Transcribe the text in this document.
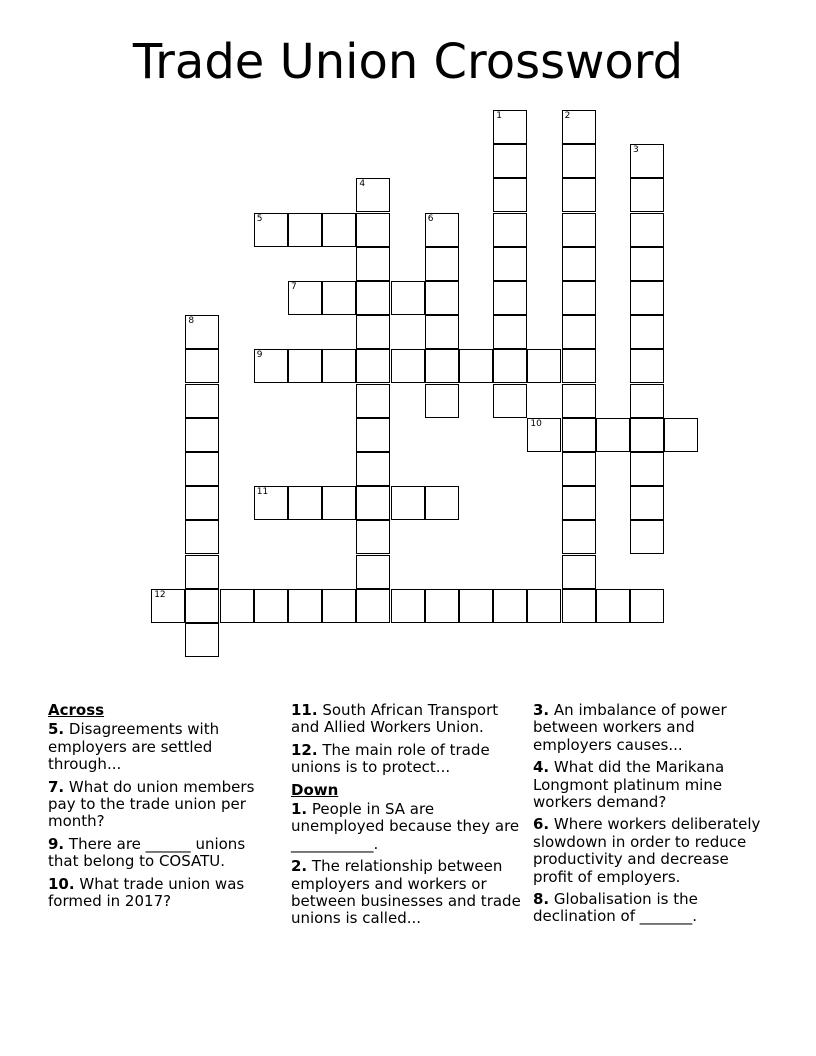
Trade Union Crossword
1	2
3
4
5	6
7
8
9
10
11
12
Across
5. Disagreements with employers are settled through...
7. What do union members pay to the trade union per month?
9. There are ______ unions that belong to COSATU.
10. What trade union was formed in 2017?
11. South African Transport and Allied Workers Union.
12. The main role of trade unions is to protect...
Down
1. People in SA are unemployed because they are ___________.
2. The relationship between employers and workers or between businesses and trade unions is called...
3. An imbalance of power between workers and employers causes...
4. What did the Marikana Longmont platinum mine workers demand?
6. Where workers deliberately slowdown in order to reduce productivity and decrease profit of employers.
8. Globalisation is the declination of _______.
